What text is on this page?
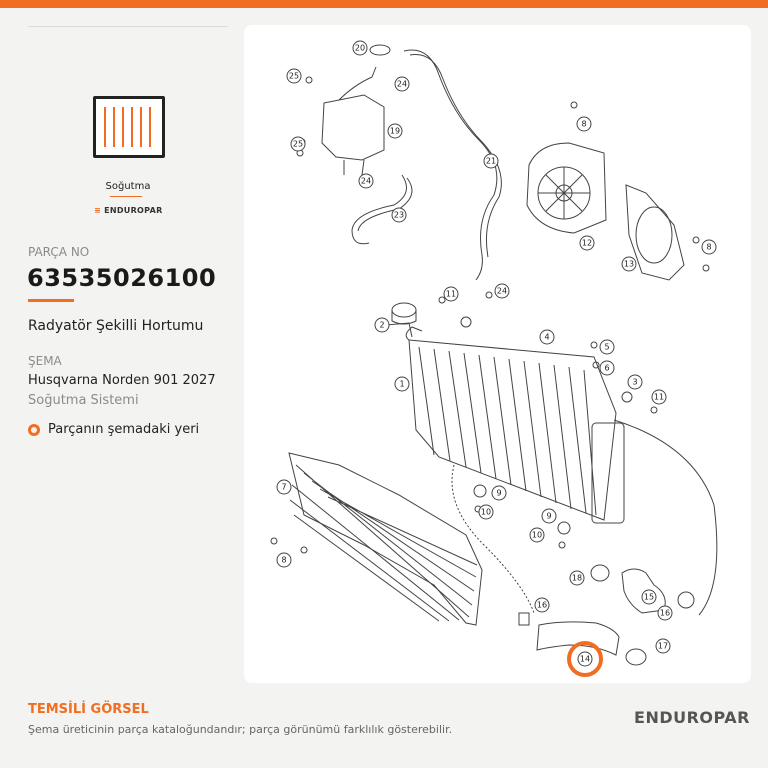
Soğutma
≡ ENDUROPAR
PARÇA NO
63535026100
Radyatör Şekilli Hortumu
ŞEMA
Husqvarna Norden 901 2027
Soğutma Sistemi
Parçanın şemadaki yeri
20
25
24
19
25
21
8
24
23
12
13
8
11	24
2
4
1
5
6
3
11
7
9
10	9
10
8
18
15
16
16
17
14
TEMSİLİ GÖRSEL
Şema üreticinin parça kataloğundandır; parça görünümü farklılık gösterebilir.
ENDUROPAR
